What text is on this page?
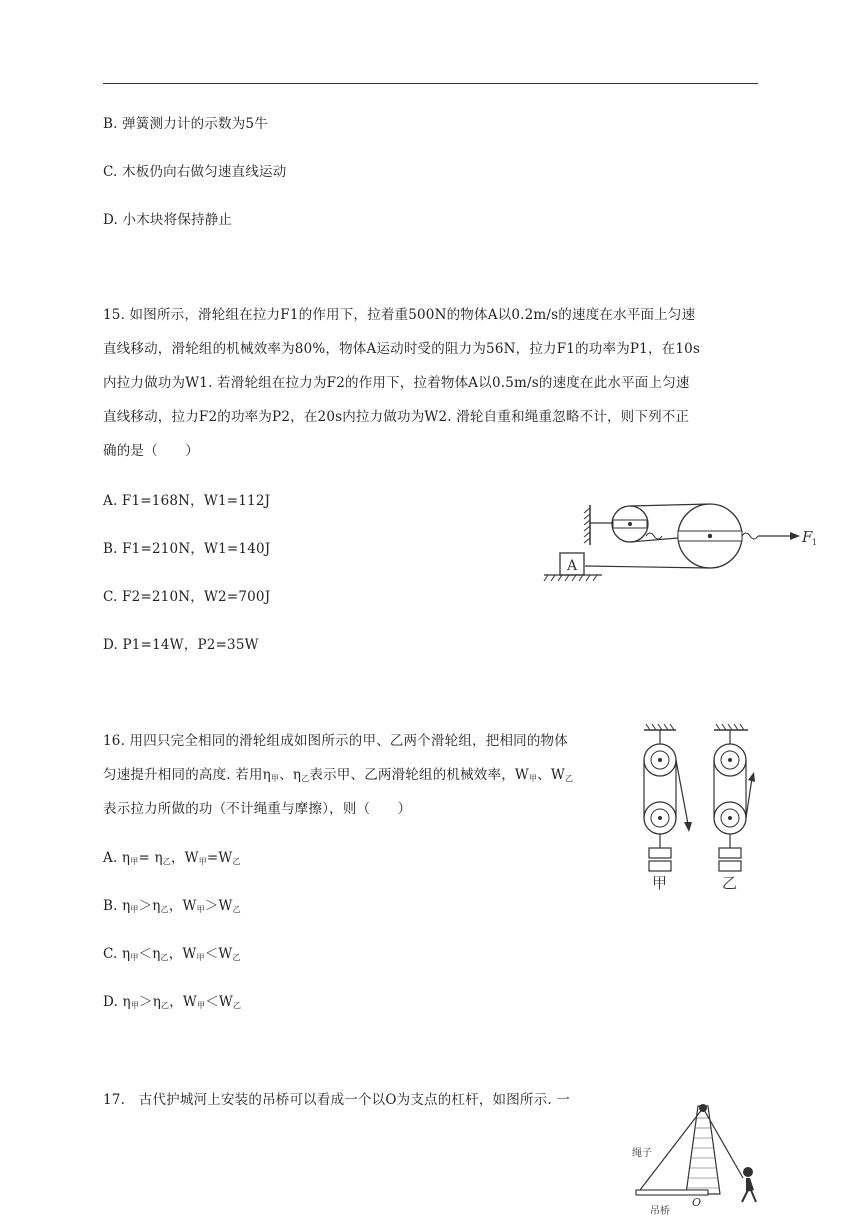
B. 弹簧测力计的示数为5牛
C. 木板仍向右做匀速直线运动
D. 小木块将保持静止
15. 如图所示，滑轮组在拉力F1的作用下，拉着重500N的物体A以0.2m/s的速度在水平面上匀速
直线移动，滑轮组的机械效率为80%，物体A运动时受的阻力为56N，拉力F1的功率为P1，在10s
内拉力做功为W1. 若滑轮组在拉力为F2的作用下，拉着物体A以0.5m/s的速度在此水平面上匀速
直线移动，拉力F2的功率为P2，在20s内拉力做功为W2. 滑轮自重和绳重忽略不计，则下列不正
确的是（　　）
A. F1=168N，W1=112J
B. F1=210N，W1=140J
C. F2=210N，W2=700J
D. P1=14W，P2=35W
F 1
A
16. 用四只完全相同的滑轮组成如图所示的甲、乙两个滑轮组，把相同的物体
匀速提升相同的高度. 若用$\eta_甲$、$\eta_乙$表示甲、乙两滑轮组的机械效率，$W_甲$、$W_乙$
表示拉力所做的功（不计绳重与摩擦），则（　　）
A. $\eta_甲= \eta_乙$，$W_甲=W_乙$
B. $\eta_甲>\eta_乙$，$W_甲>W_乙$
C. $\eta_甲<\eta_乙$，$W_甲<W_乙$
D. $\eta_甲>\eta_乙$，$W_甲<W_乙$
甲	乙
17.　古代护城河上安装的吊桥可以看成一个以O为支点的杠杆，如图所示. 一
绳子
O
吊桥
